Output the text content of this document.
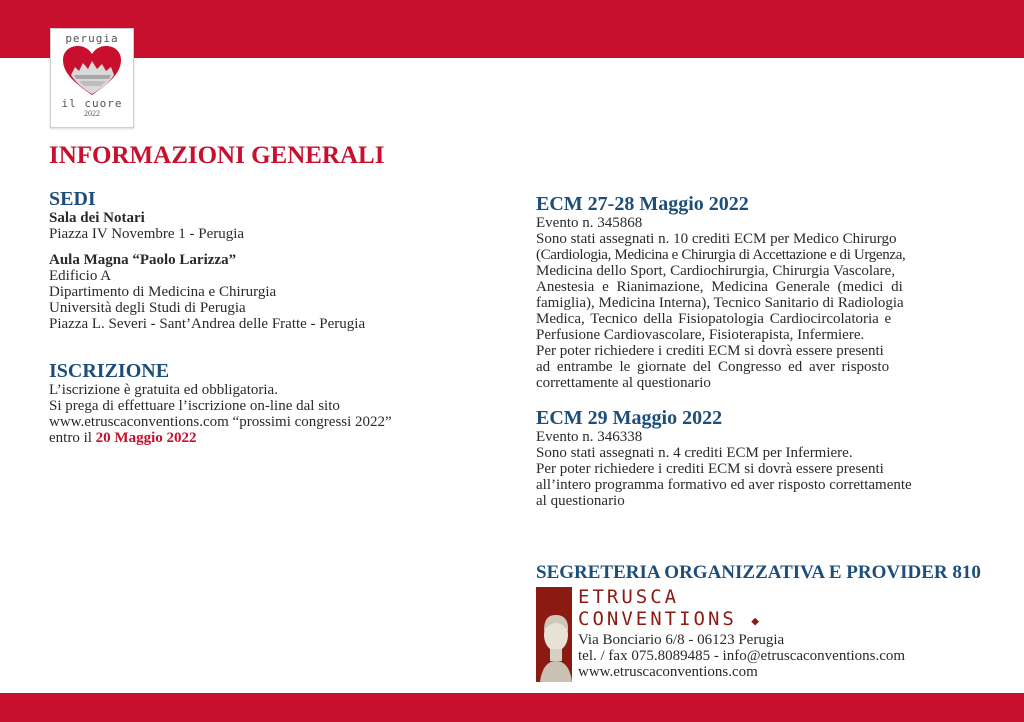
perugia
il cuore
2022
INFORMAZIONI GENERALI
SEDI
Sala dei Notari
Piazza IV Novembre 1 - Perugia
Aula Magna “Paolo Larizza”
Edificio A
Dipartimento di Medicina e Chirurgia
Università degli Studi di Perugia
Piazza L. Severi - Sant’Andrea delle Fratte - Perugia
ISCRIZIONE
L’iscrizione è gratuita ed obbligatoria.
Si prega di effettuare l’iscrizione on-line dal sito
www.etruscaconventions.com “prossimi congressi 2022”
entro il 20 Maggio 2022
ECM 27-28 Maggio 2022
Evento n. 345868
Sono stati assegnati n. 10 crediti ECM per Medico Chirurgo
(Cardiologia, Medicina e Chirurgia di Accettazione e di Urgenza,
Medicina dello Sport, Cardiochirurgia, Chirurgia Vascolare,
Anestesia e Rianimazione, Medicina Generale (medici di
famiglia), Medicina Interna), Tecnico Sanitario di Radiologia
Medica, Tecnico della Fisiopatologia Cardiocircolatoria e
Perfusione Cardiovascolare, Fisioterapista, Infermiere.
Per poter richiedere i crediti ECM si dovrà essere presenti
ad entrambe le giornate del Congresso ed aver risposto
correttamente al questionario
ECM 29 Maggio 2022
Evento n. 346338
Sono stati assegnati n. 4 crediti ECM per Infermiere.
Per poter richiedere i crediti ECM si dovrà essere presenti
all’intero programma formativo ed aver risposto correttamente
al questionario
SEGRETERIA ORGANIZZATIVA E PROVIDER 810
ETRUSCA
CONVENTIONS ◆
Via Bonciario 6/8 - 06123 Perugia
tel. / fax 075.8089485 - info@etruscaconventions.com
www.etruscaconventions.com
